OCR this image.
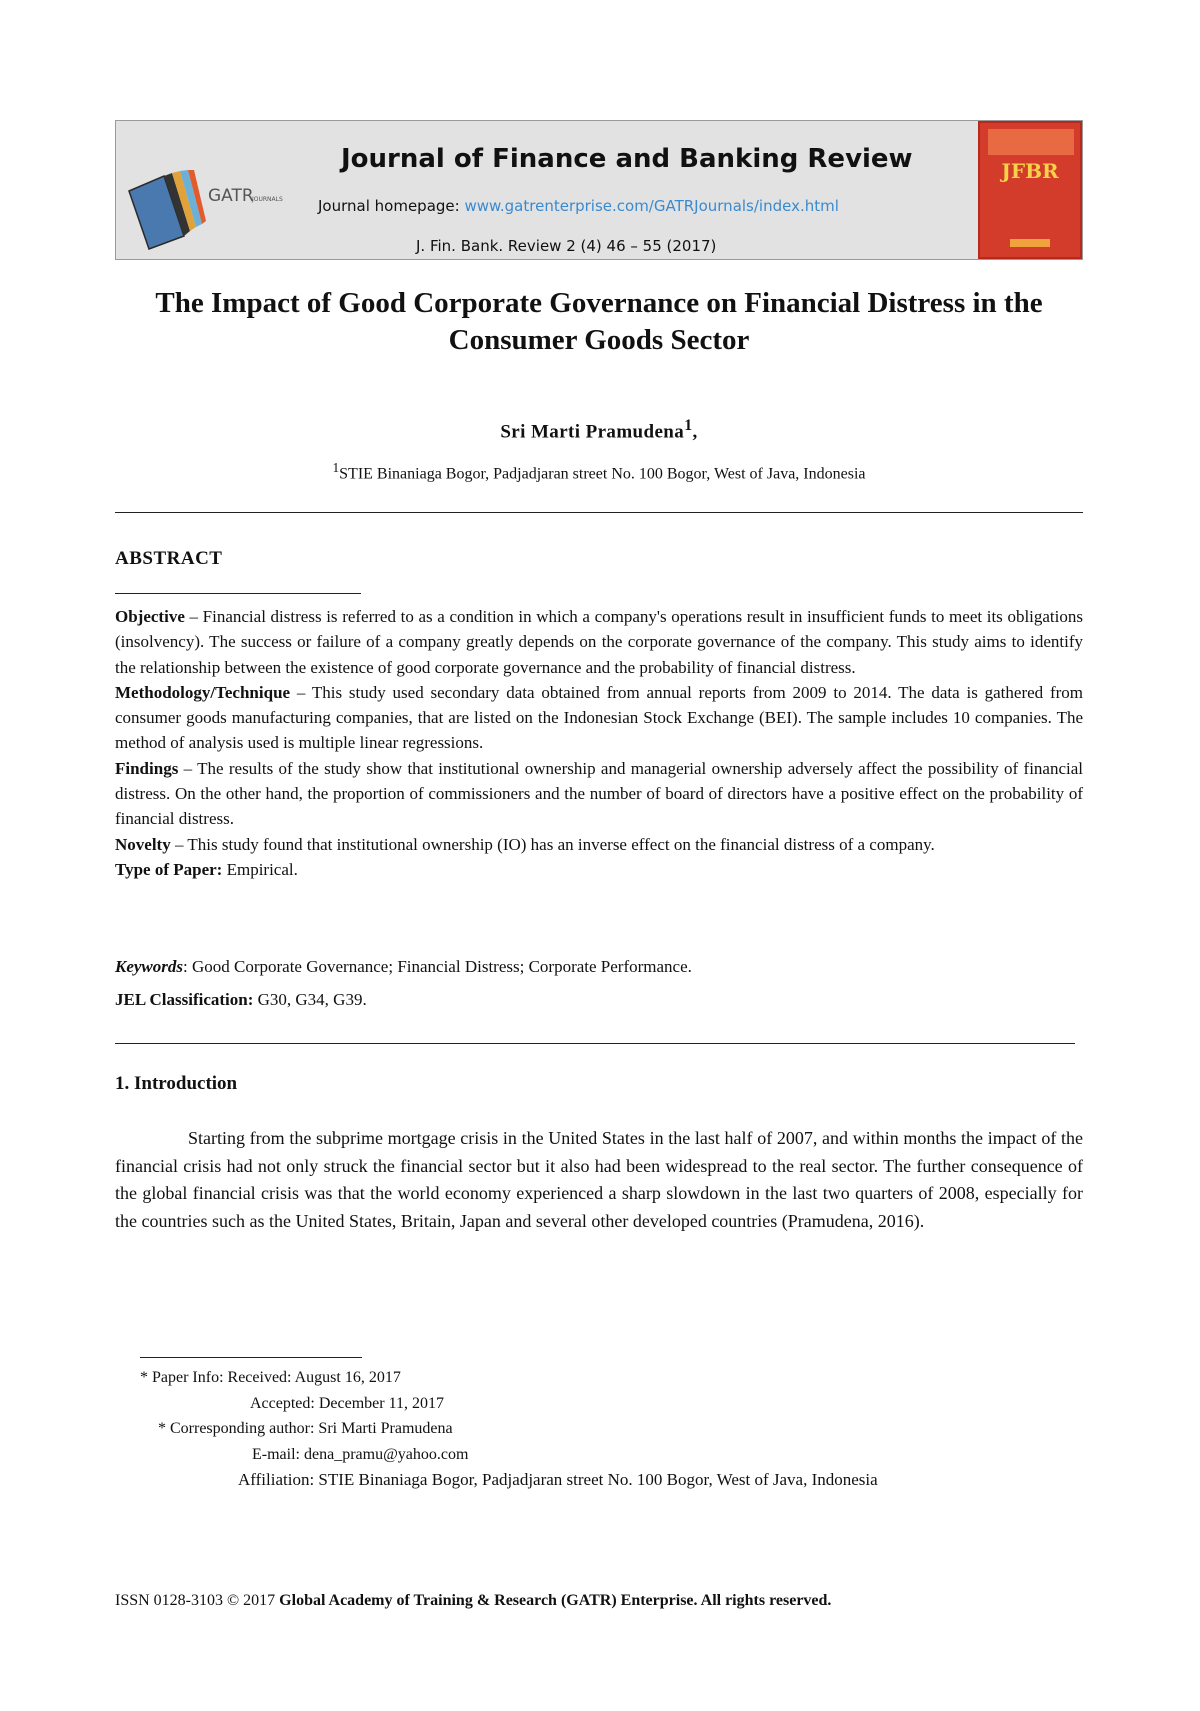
GATR
JOURNALS
Journal of Finance and Banking Review
Journal homepage: www.gatrenterprise.com/GATRJournals/index.html
J. Fin. Bank. Review 2 (4) 46 – 55 (2017)
JFBR
The Impact of Good Corporate Governance on Financial Distress in the Consumer Goods Sector
Sri Marti Pramudena$^1$,
$^1$STIE Binaniaga Bogor, Padjadjaran street No. 100 Bogor, West of Java, Indonesia
ABSTRACT

Objective – Financial distress is referred to as a condition in which a company's operations result in insufficient funds to meet its obligations (insolvency). The success or failure of a company greatly depends on the corporate governance of the company. This study aims to identify the relationship between the existence of good corporate governance and the probability of financial distress.

Methodology/Technique – This study used secondary data obtained from annual reports from 2009 to 2014. The data is gathered from consumer goods manufacturing companies, that are listed on the Indonesian Stock Exchange (BEI). The sample includes 10 companies. The method of analysis used is multiple linear regressions.

Findings – The results of the study show that institutional ownership and managerial ownership adversely affect the possibility of financial distress. On the other hand, the proportion of commissioners and the number of board of directors have a positive effect on the probability of financial distress.

Novelty – This study found that institutional ownership (IO) has an inverse effect on the financial distress of a company.

Type of Paper: Empirical.

Keywords: Good Corporate Governance; Financial Distress; Corporate Performance.
JEL Classification: G30, G34, G39.
1. Introduction

Starting from the subprime mortgage crisis in the United States in the last half of 2007, and within months the impact of the financial crisis had not only struck the financial sector but it also had been widespread to the real sector. The further consequence of the global financial crisis was that the world economy experienced a sharp slowdown in the last two quarters of 2008, especially for the countries such as the United States, Britain, Japan and several other developed countries (Pramudena, 2016).

* Paper Info: Received: August 16, 2017
Accepted: December 11, 2017
* Corresponding author: Sri Marti Pramudena
E-mail: dena_pramu@yahoo.com
Affiliation: STIE Binaniaga Bogor, Padjadjaran street No. 100 Bogor, West of Java, Indonesia
ISSN 0128-3103 © 2017 Global Academy of Training & Research (GATR) Enterprise. All rights reserved.
